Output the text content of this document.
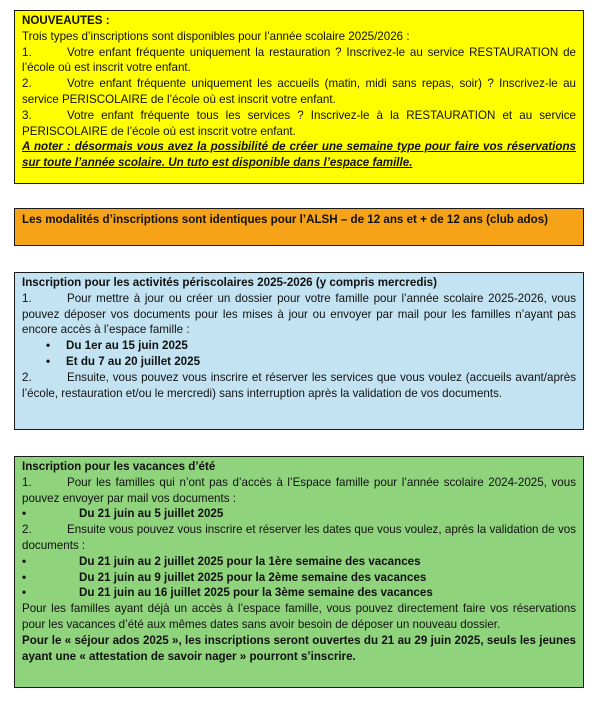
NOUVEAUTES :
Trois types d’inscriptions sont disponibles pour l’année scolaire 2025/2026 :
1.	Votre enfant fréquente uniquement la restauration ? Inscrivez-le au service RESTAURATION de l’école où est inscrit votre enfant.
2.	Votre enfant fréquente uniquement les accueils (matin, midi sans repas, soir) ? Inscrivez-le au service PERISCOLAIRE de l’école où est inscrit votre enfant.
3.	Votre enfant fréquente tous les services ? Inscrivez-le à la RESTAURATION et au service PERISCOLAIRE de l’école où est inscrit votre enfant.
A noter : désormais vous avez la possibilité de créer une semaine type pour faire vos réservations sur toute l’année scolaire. Un tuto est disponible dans l’espace famille.
Les modalités d’inscriptions sont identiques pour l’ALSH – de 12 ans et + de 12 ans (club ados)
Inscription pour les activités périscolaires 2025-2026 (y compris mercredis)
1.	Pour mettre à jour ou créer un dossier pour votre famille pour l’année scolaire 2025-2026, vous pouvez déposer vos documents pour les mises à jour ou envoyer par mail pour les familles n’ayant pas encore accès à l’espace famille :
•	Du 1er au 15 juin 2025
•	Et du 7 au 20 juillet 2025
2.	Ensuite, vous pouvez vous inscrire et réserver les services que vous voulez (accueils avant/après l’école, restauration et/ou le mercredi) sans interruption après la validation de vos documents.
Inscription pour les vacances d’été
1.	Pour les familles qui n’ont pas d’accès à l’Espace famille pour l’année scolaire 2024-2025, vous pouvez envoyer par mail vos documents :
•	Du 21 juin au 5 juillet 2025
2.	Ensuite vous pouvez vous inscrire et réserver les dates que vous voulez, après la validation de vos documents :
•	Du 21 juin au 2 juillet 2025 pour la 1ère semaine des vacances
•	Du 21 juin au 9 juillet 2025 pour la 2ème semaine des vacances
•	Du 21 juin au 16 juillet 2025 pour la 3ème semaine des vacances
Pour les familles ayant déjà un accès à l’espace famille, vous pouvez directement faire vos réservations pour les vacances d’été aux mêmes dates sans avoir besoin de déposer un nouveau dossier.
Pour le « séjour ados 2025 », les inscriptions seront ouvertes du 21 au 29 juin 2025, seuls les jeunes ayant une « attestation de savoir nager » pourront s’inscrire.
